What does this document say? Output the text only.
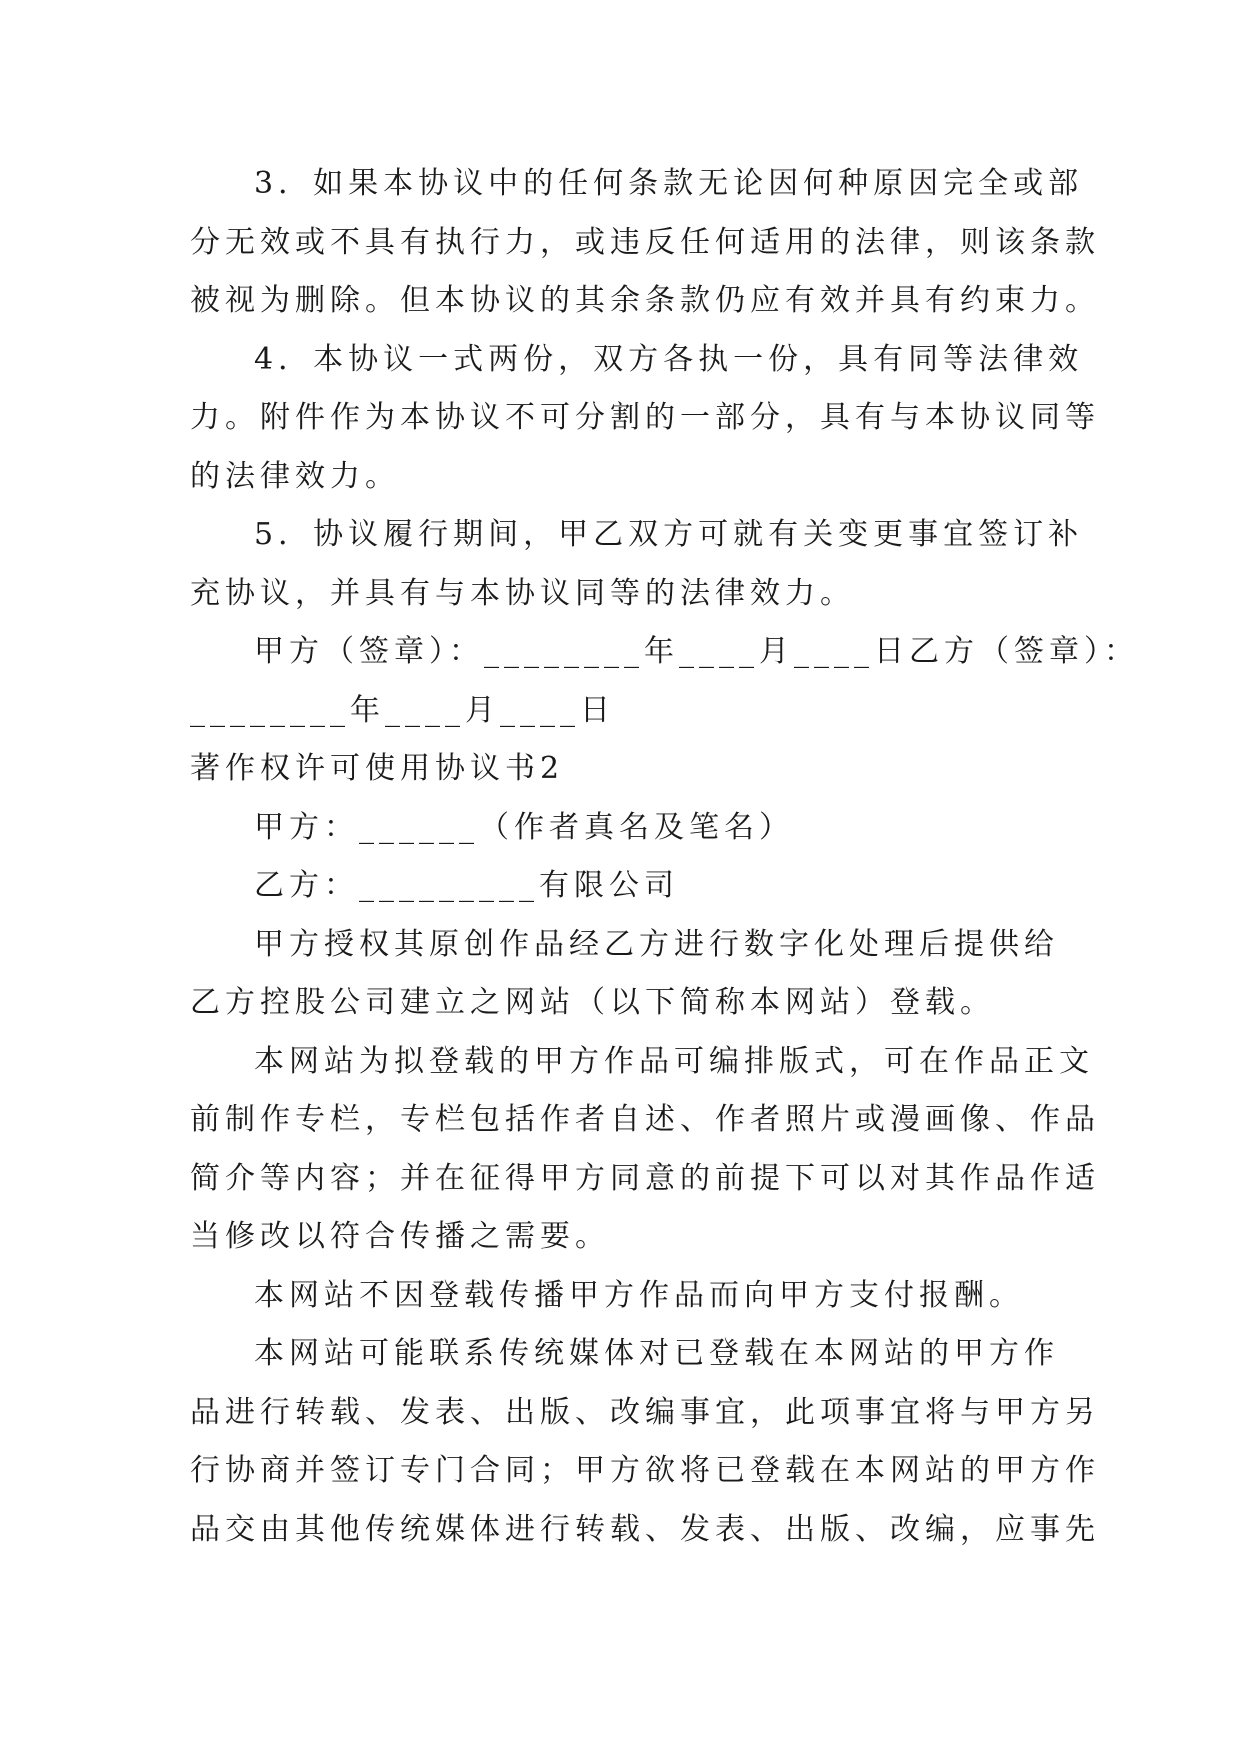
3．如果本协议中的任何条款无论因何种原因完全或部
分无效或不具有执行力，或违反任何适用的法律，则该条款
被视为删除。但本协议的其余条款仍应有效并具有约束力。
4．本协议一式两份，双方各执一份，具有同等法律效
力。附件作为本协议不可分割的一部分，具有与本协议同等
的法律效力。
5．协议履行期间，甲乙双方可就有关变更事宜签订补
充协议，并具有与本协议同等的法律效力。
甲方（签章）：________年____月____日乙方（签章）：
________年____月____日
著作权许可使用协议书2
甲方：______（作者真名及笔名）
乙方：_________有限公司
甲方授权其原创作品经乙方进行数字化处理后提供给
乙方控股公司建立之网站（以下简称本网站）登载。
本网站为拟登载的甲方作品可编排版式，可在作品正文
前制作专栏，专栏包括作者自述、作者照片或漫画像、作品
简介等内容；并在征得甲方同意的前提下可以对其作品作适
当修改以符合传播之需要。
本网站不因登载传播甲方作品而向甲方支付报酬。
本网站可能联系传统媒体对已登载在本网站的甲方作
品进行转载、发表、出版、改编事宜，此项事宜将与甲方另
行协商并签订专门合同；甲方欲将已登载在本网站的甲方作
品交由其他传统媒体进行转载、发表、出版、改编，应事先
